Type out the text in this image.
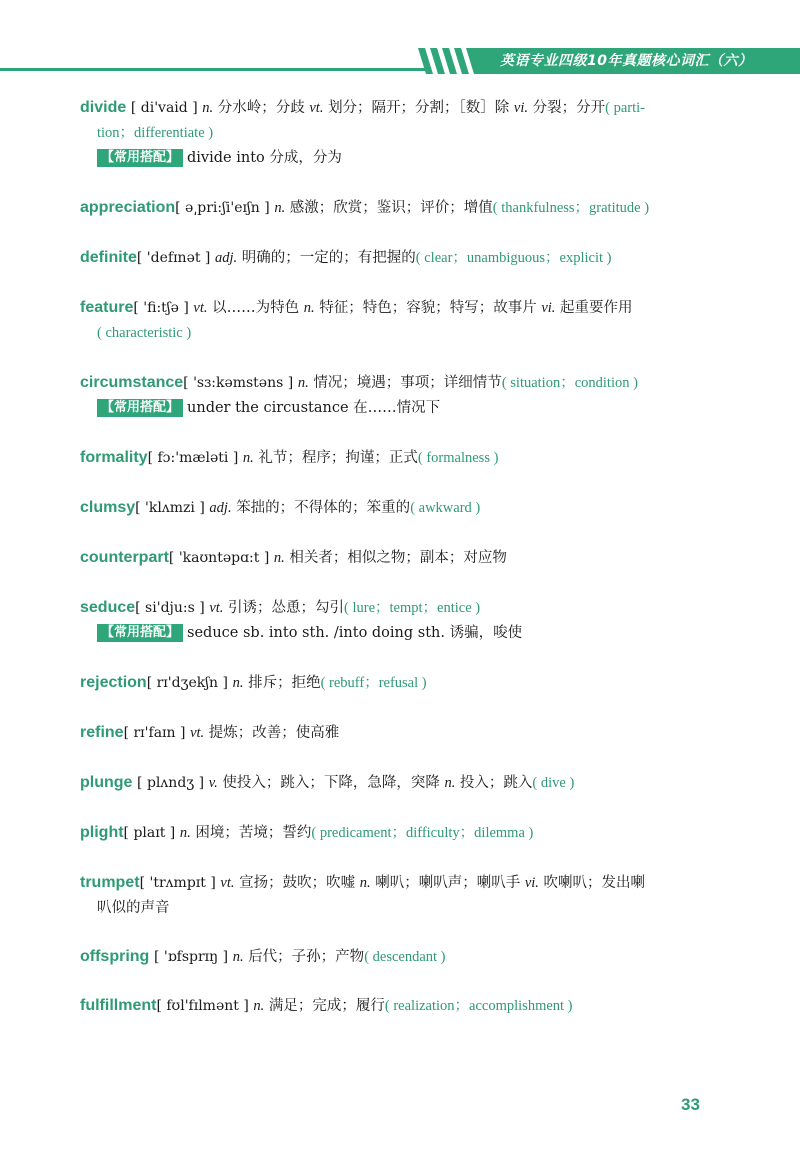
英语专业四级10年真题核心词汇（六）
divide [ di'vaid ] n. 分水岭；分歧 vt. 划分；隔开；分割；［数］除 vi. 分裂；分开( parti-
tion；differentiate )
【常用搭配】 divide into 分成，分为
appreciation[ ə͵pri:ʃi'eɪʃn ] n. 感激；欣赏；鉴识；评价；增值( thankfulness；gratitude )
definite[ 'defɪnət ] adj. 明确的；一定的；有把握的( clear；unambiguous；explicit )
feature[ 'fi:tʃə ] vt. 以……为特色 n. 特征；特色；容貌；特写；故事片 vi. 起重要作用
( characteristic )
circumstance[ 'sɜ:kəmstəns ] n. 情况；境遇；事项；详细情节( situation；condition )
【常用搭配】 under the circustance 在……情况下
formality[ fɔ:'mæləti ] n. 礼节；程序；拘谨；正式( formalness )
clumsy[ 'klʌmzi ] adj. 笨拙的；不得体的；笨重的( awkward )
counterpart[ 'kaʊntəpɑ:t ] n. 相关者；相似之物；副本；对应物
seduce[ si'dju:s ] vt. 引诱；怂恿；勾引( lure；tempt；entice )
【常用搭配】 seduce sb. into sth. /into doing sth. 诱骗，唆使
rejection[ rɪ'dʒekʃn ] n. 排斥；拒绝( rebuff；refusal )
refine[ rɪ'faɪn ] vt. 提炼；改善；使高雅
plunge [ plʌndʒ ] v. 使投入；跳入；下降，急降，突降 n. 投入；跳入( dive )
plight[ plaɪt ] n. 困境；苦境；誓约( predicament；difficulty；dilemma )
trumpet[ 'trʌmpɪt ] vt. 宣扬；鼓吹；吹嘘 n. 喇叭；喇叭声；喇叭手 vi. 吹喇叭；发出喇
叭似的声音
offspring [ 'ɒfsprɪŋ ] n. 后代；子孙；产物( descendant )
fulfillment[ fʊl'fɪlmənt ] n. 满足；完成；履行( realization；accomplishment )
33
